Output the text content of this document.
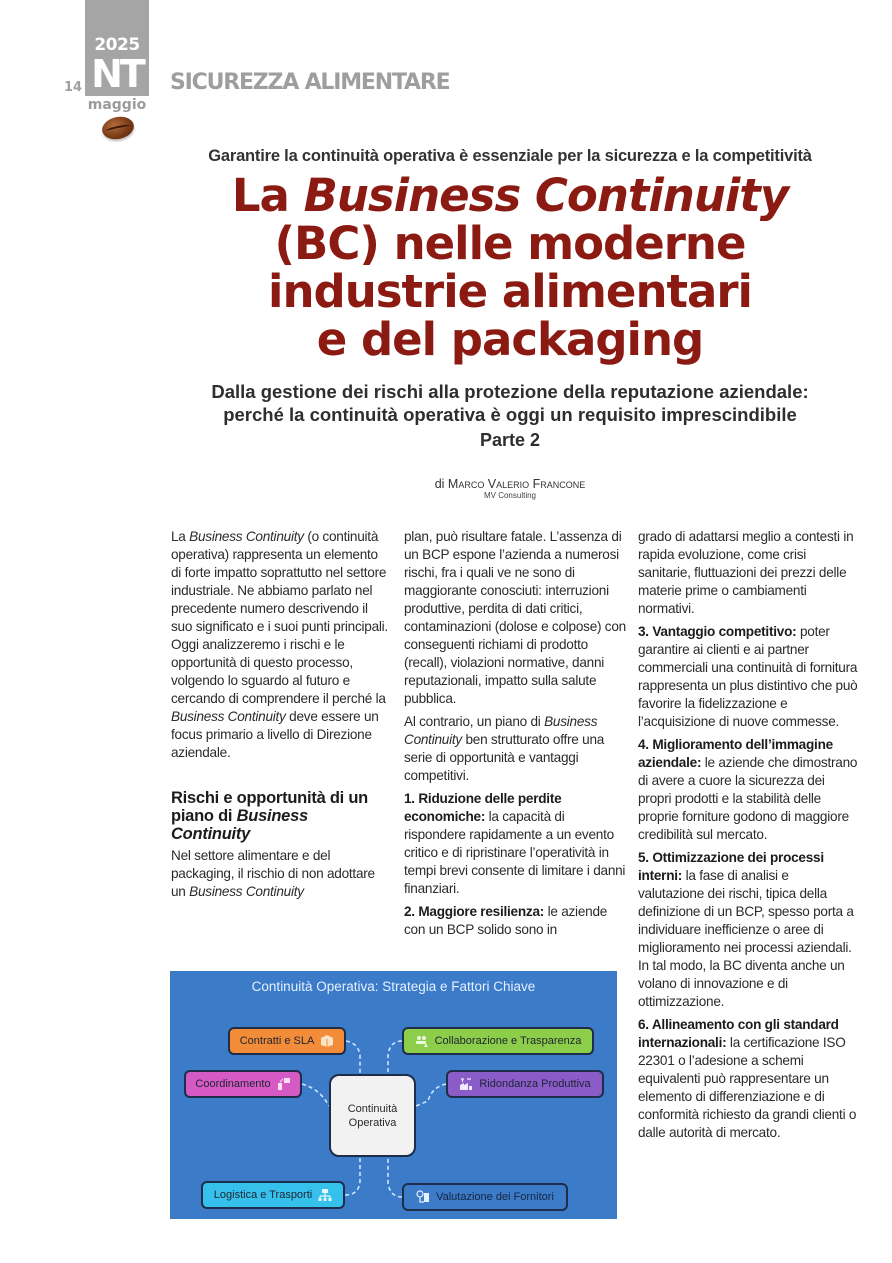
2025
NT
14
maggio
SICUREZZA ALIMENTARE
Garantire la continuità operativa è essenziale per la sicurezza e la competitività
La Business Continuity
(BC) nelle moderne
industrie alimentari
e del packaging
Dalla gestione dei rischi alla protezione della reputazione aziendale:
perché la continuità operativa è oggi un requisito imprescindibile
Parte 2
di Marco Valerio Francone
MV Consulting

La Business Continuity (o continuità operativa) rappresenta un elemento di forte impatto soprattutto nel settore industriale. Ne abbiamo parlato nel precedente numero descrivendo il suo significato e i suoi punti principali. Oggi analizzeremo i rischi e le opportunità di questo processo, volgendo lo sguardo al futuro e cercando di comprendere il perché la Business Continuity deve essere un focus primario a livello di Direzione aziendale.

Rischi e opportunità di un piano di Business Continuity

Nel settore alimentare e del packaging, il rischio di non adottare un Business Continuity

plan, può risultare fatale. L’assenza di un BCP espone l’azienda a numerosi rischi, fra i quali ve ne sono di maggiorante conosciuti: interruzioni produttive, perdita di dati critici, contaminazioni (dolose e colpose) con conseguenti richiami di prodotto (recall), violazioni normative, danni reputazionali, impatto sulla salute pubblica.

Al contrario, un piano di Business Continuity ben strutturato offre una serie di opportunità e vantaggi competitivi.

1. Riduzione delle perdite economiche: la capacità di rispondere rapidamente a un evento critico e di ripristinare l’operatività in tempi brevi consente di limitare i danni finanziari.

2. Maggiore resilienza: le aziende con un BCP solido sono in

grado di adattarsi meglio a contesti in rapida evoluzione, come crisi sanitarie, fluttuazioni dei prezzi delle materie prime o cambiamenti normativi.

3. Vantaggio competitivo: poter garantire ai clienti e ai partner commerciali una continuità di fornitura rappresenta un plus distintivo che può favorire la fidelizzazione e l’acquisizione di nuove commesse.

4. Miglioramento dell’immagine aziendale: le aziende che dimostrano di avere a cuore la sicurezza dei propri prodotti e la stabilità delle proprie forniture godono di maggiore credibilità sul mercato.

5. Ottimizzazione dei processi interni: la fase di analisi e valutazione dei rischi, tipica della definizione di un BCP, spesso porta a individuare inefficienze o aree di miglioramento nei processi aziendali. In tal modo, la BC diventa anche un volano di innovazione e di ottimizzazione.

6. Allineamento con gli standard internazionali: la certificazione ISO 22301 o l’adesione a schemi equivalenti può rappresentare un elemento di differenziazione e di conformità richiesto da grandi clienti o dalle autorità di mercato.

Continuità Operativa: Strategia e Fattori Chiave
Contratti e SLA
Coordinamento
Logistica e Trasporti
Collaborazione e Trasparenza
Ridondanza Produttiva
Valutazione dei Fornitori
Continuità
Operativa
